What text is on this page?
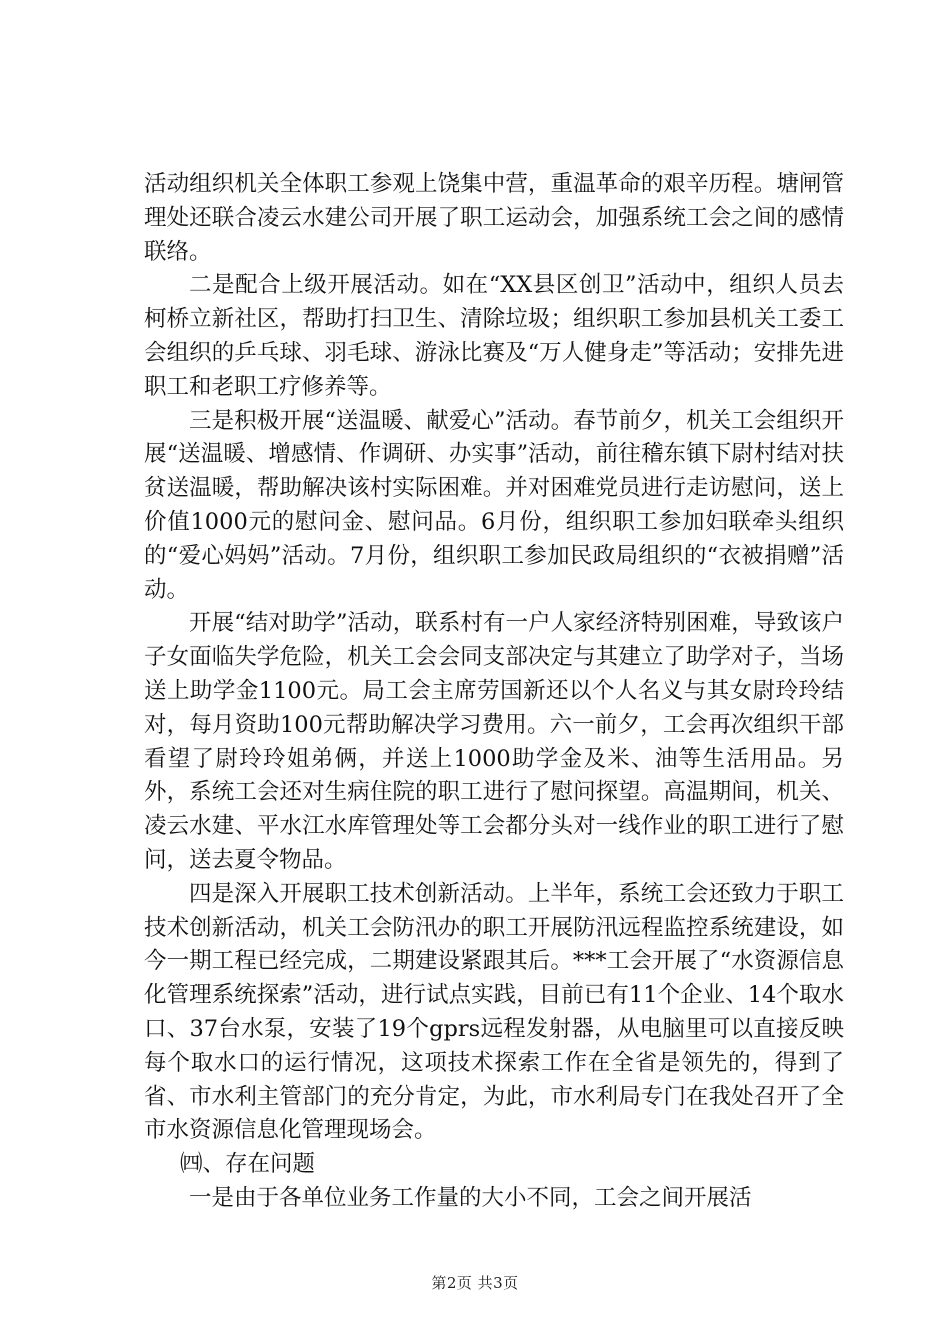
活动组织机关全体职工参观上饶集中营，重温革命的艰辛历程。塘闸管理处还联合凌云水建公司开展了职工运动会，加强系统工会之间的感情联络。

二是配合上级开展活动。如在“XX县区创卫”活动中，组织人员去柯桥立新社区，帮助打扫卫生、清除垃圾；组织职工参加县机关工委工会组织的乒乓球、羽毛球、游泳比赛及“万人健身走”等活动；安排先进职工和老职工疗修养等。

三是积极开展“送温暖、献爱心”活动。春节前夕，机关工会组织开展“送温暖、增感情、作调研、办实事”活动，前往稽东镇下尉村结对扶贫送温暖，帮助解决该村实际困难。并对困难党员进行走访慰问，送上价值1000元的慰问金、慰问品。6月份，组织职工参加妇联牵头组织的“爱心妈妈”活动。7月份，组织职工参加民政局组织的“衣被捐赠”活动。

开展“结对助学”活动，联系村有一户人家经济特别困难，导致该户子女面临失学危险，机关工会会同支部决定与其建立了助学对子，当场送上助学金1100元。局工会主席劳国新还以个人名义与其女尉玲玲结对，每月资助100元帮助解决学习费用。六一前夕，工会再次组织干部看望了尉玲玲姐弟俩，并送上1000助学金及米、油等生活用品。另外，系统工会还对生病住院的职工进行了慰问探望。高温期间，机关、凌云水建、平水江水库管理处等工会都分头对一线作业的职工进行了慰问，送去夏令物品。

四是深入开展职工技术创新活动。上半年，系统工会还致力于职工技术创新活动，机关工会防汛办的职工开展防汛远程监控系统建设，如今一期工程已经完成，二期建设紧跟其后。***工会开展了“水资源信息化管理系统探索”活动，进行试点实践，目前已有11个企业、14个取水口、37台水泵，安装了19个gprs远程发射器，从电脑里可以直接反映每个取水口的运行情况，这项技术探索工作在全省是领先的，得到了省、市水利主管部门的充分肯定，为此，市水利局专门在我处召开了全市水资源信息化管理现场会。

㈣、存在问题

一是由于各单位业务工作量的大小不同，工会之间开展活

第2页 共3页
